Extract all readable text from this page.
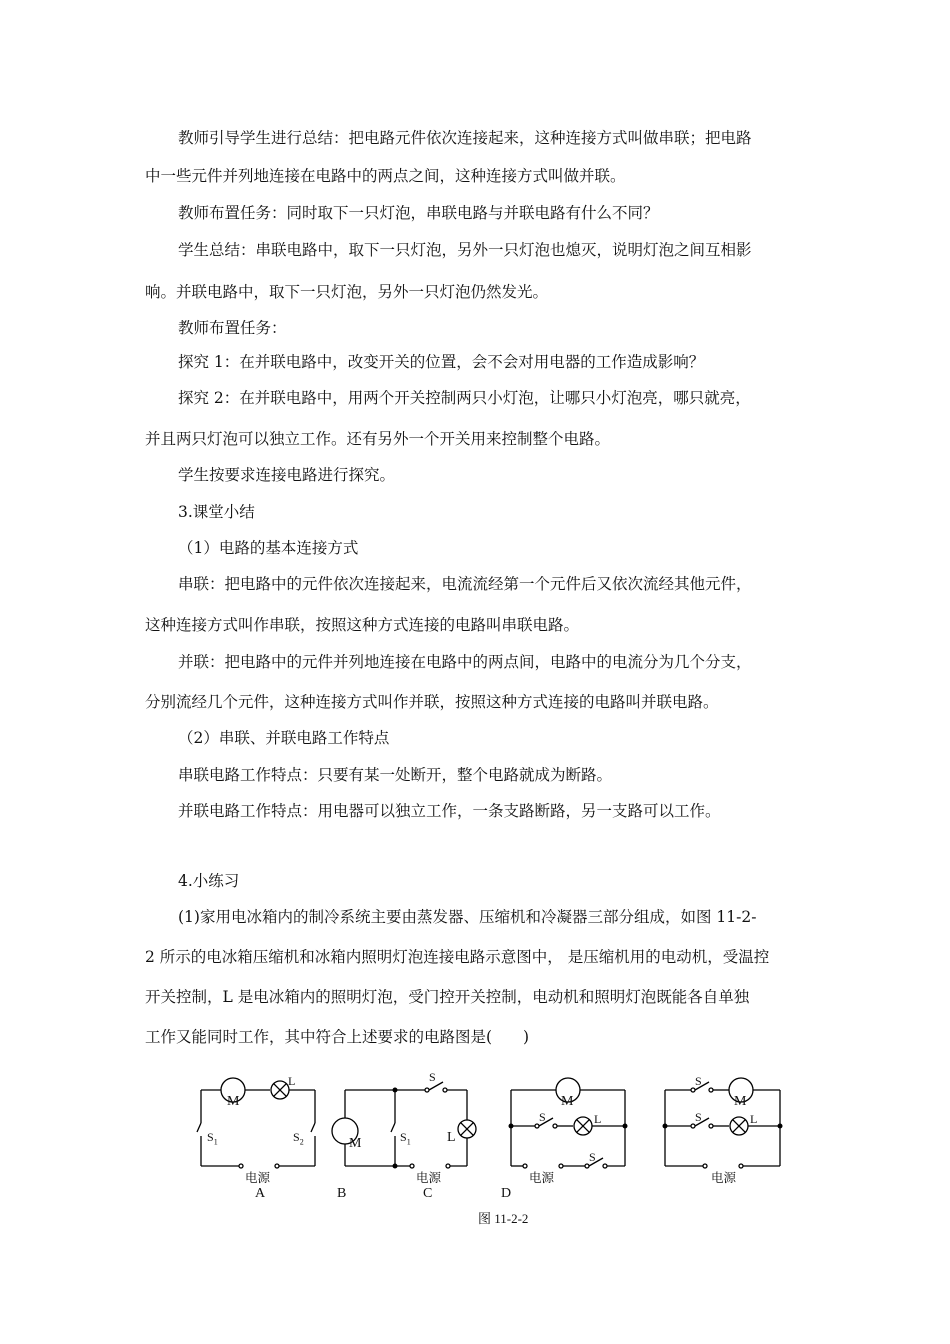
教师引导学生进行总结：把电路元件依次连接起来，这种连接方式叫做串联；把电路
中一些元件并列地连接在电路中的两点之间，这种连接方式叫做并联。
教师布置任务：同时取下一只灯泡，串联电路与并联电路有什么不同？
学生总结：串联电路中，取下一只灯泡，另外一只灯泡也熄灭，说明灯泡之间互相影
响。并联电路中，取下一只灯泡，另外一只灯泡仍然发光。
教师布置任务：
探究 1：在并联电路中，改变开关的位置，会不会对用电器的工作造成影响？
探究 2：在并联电路中，用两个开关控制两只小灯泡，让哪只小灯泡亮，哪只就亮，
并且两只灯泡可以独立工作。还有另外一个开关用来控制整个电路。
学生按要求连接电路进行探究。
3.课堂小结
（1）电路的基本连接方式
串联：把电路中的元件依次连接起来，电流流经第一个元件后又依次流经其他元件，
这种连接方式叫作串联，按照这种方式连接的电路叫串联电路。
并联：把电路中的元件并列地连接在电路中的两点间，电路中的电流分为几个分支，
分别流经几个元件，这种连接方式叫作并联，按照这种方式连接的电路叫并联电路。
（2）串联、并联电路工作特点
串联电路工作特点：只要有某一处断开，整个电路就成为断路。
并联电路工作特点：用电器可以独立工作，一条支路断路，另一支路可以工作。
4.小练习
(1)家用电冰箱内的制冷系统主要由蒸发器、压缩机和冷凝器三部分组成，如图 11-2-
2 所示的电冰箱压缩机和冰箱内照明灯泡连接电路示意图中， 是压缩机用的电动机，受温控
开关控制，L 是电冰箱内的照明灯泡，受门控开关控制，电动机和照明灯泡既能各自单独
工作又能同时工作，其中符合上述要求的电路图是(　　)
M
L
$S_1$	$S_2$
电源
M	$S_1$
S
L
电源
M
S	L
S
电源
S
M
S	L
电源
A	B	C	D
图 11-2-2
